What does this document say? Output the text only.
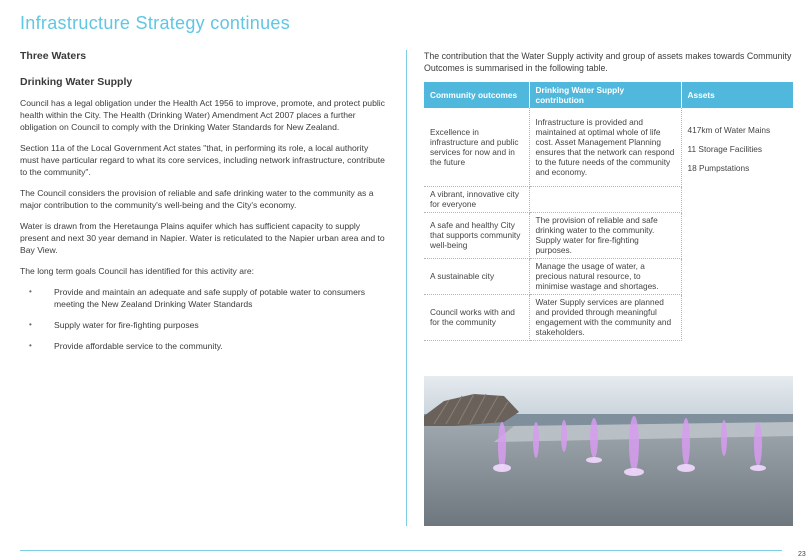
Infrastructure Strategy continues
Three Waters
Drinking Water Supply

Council has a legal obligation under the Health Act 1956 to improve, promote, and protect public health within the City. The Health (Drinking Water) Amendment Act 2007 places a further obligation on Council to comply with the Drinking Water Standards for New Zealand.

Section 11a of the Local Government Act states "that, in performing its role, a local authority must have particular regard to what its core services, including network infrastructure, contribute to the community".

The Council considers the provision of reliable and safe drinking water to the community as a major contribution to the community's well-being and the City's economy.

Water is drawn from the Heretaunga Plains aquifer which has sufficient capacity to supply present and next 30 year demand in Napier. Water is reticulated to the Napier urban area and to Bay View.

The long term goals Council has identified for this activity are:

•	Provide and maintain an adequate and safe supply of potable water to consumers meeting the New Zealand Drinking Water Standards
•	Supply water for fire-fighting purposes
•	Provide affordable service to the community.

The contribution that the Water Supply activity and group of assets makes towards Community Outcomes is summarised in the following table.

Community outcomes	Drinking Water Supply contribution	Assets
Excellence in infrastructure and public services for now and in the future	Infrastructure is provided and maintained at optimal whole of life cost. Asset Management Planning ensures that the network can respond to the future needs of the community and economy.	417km of Water Mains
11 Storage Facilities
18 Pumpstations

A vibrant, innovative city for everyone		
A safe and healthy City that supports community well-being	The provision of reliable and safe drinking water to the community. Supply water for fire-fighting purposes.	
A sustainable city	Manage the usage of water, a precious natural resource, to minimise wastage and shortages.	
Council works with and for the community	Water Supply services are planned and provided through meaningful engagement with the community and stakeholders.	
23
